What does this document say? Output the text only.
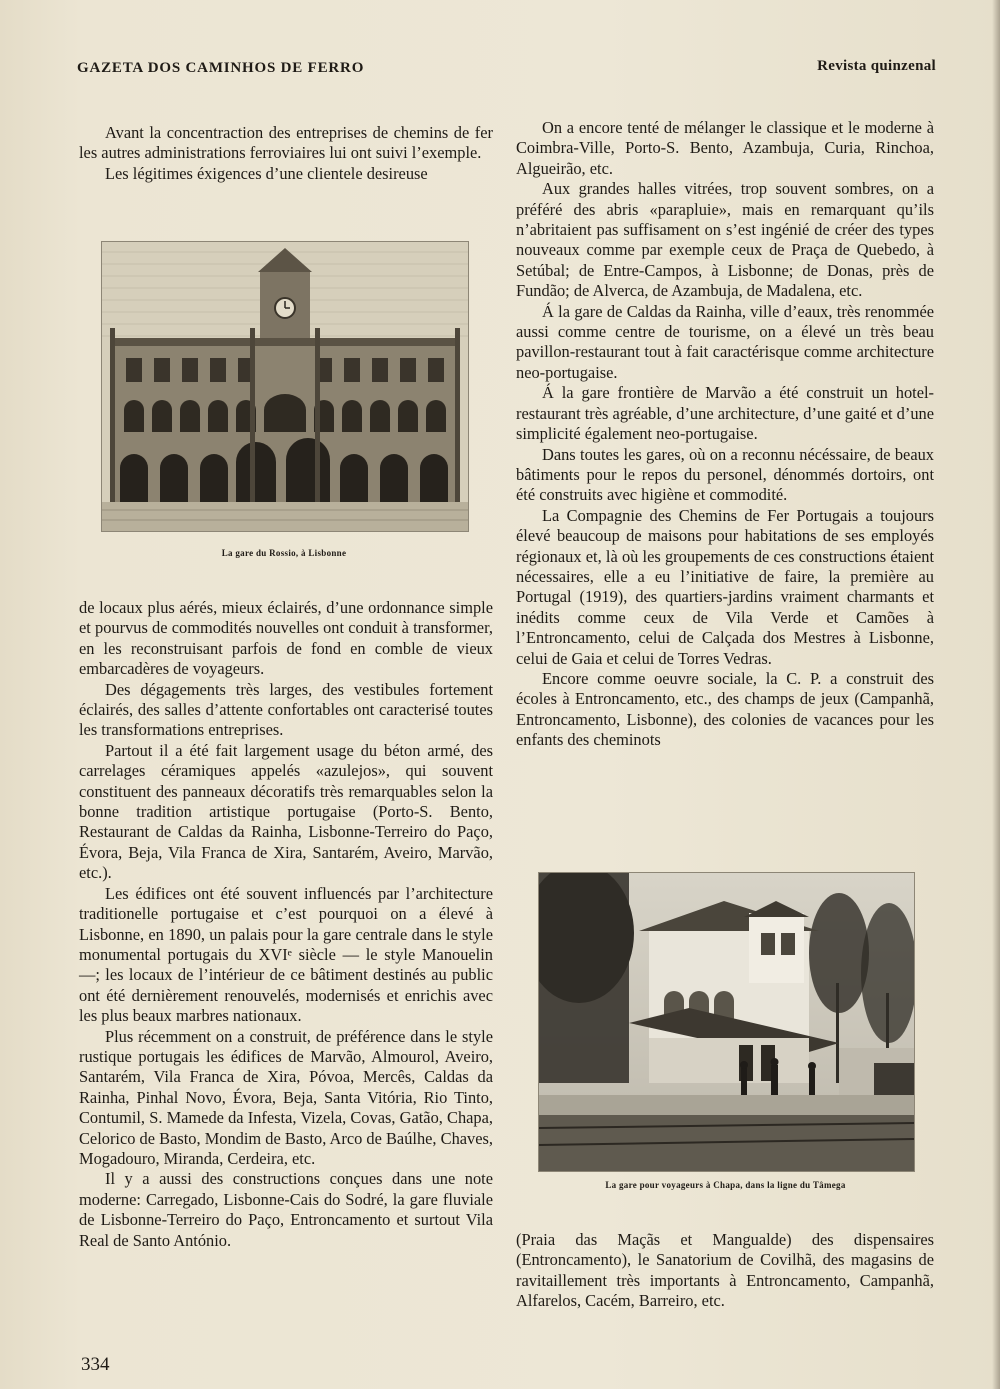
GAZETA DOS CAMINHOS DE FERRO	Revista quinzenal

Avant la concentraction des entreprises de chemins de fer les autres administrations ferroviaires lui ont suivi l’exemple.

Les légitimes éxigences d’une clientele desireuse

La gare du Rossio, à Lisbonne

de locaux plus aérés, mieux éclairés, d’une ordonnance simple et pourvus de commodités nouvelles ont conduit à transformer, en les reconstruisant parfois de fond en comble de vieux embarcadères de voyageurs.

Des dégagements très larges, des vestibules fortement éclairés, des salles d’attente confortables ont caracterisé toutes les transformations entreprises.

Partout il a été fait largement usage du béton armé, des carrelages céramiques appelés «azulejos», qui souvent constituent des panneaux décoratifs très remarquables selon la bonne tradition artistique portugaise (Porto-S. Bento, Restaurant de Caldas da Rainha, Lisbonne-Terreiro do Paço, Évora, Beja, Vila Franca de Xira, Santarém, Aveiro, Marvão, etc.).

Les édifices ont été souvent influencés par l’architecture traditionelle portugaise et c’est pourquoi on a élevé à Lisbonne, en 1890, un palais pour la gare centrale dans le style monumental portugais du XVIᵉ siècle — le style Manouelin —; les locaux de l’intérieur de ce bâtiment destinés au public ont été dernièrement renouvelés, modernisés et enrichis avec les plus beaux marbres nationaux.

Plus récemment on a construit, de préférence dans le style rustique portugais les édifices de Marvão, Almourol, Aveiro, Santarém, Vila Franca de Xira, Póvoa, Mercês, Caldas da Rainha, Pinhal Novo, Évora, Beja, Santa Vitória, Rio Tinto, Contumil, S. Mamede da Infesta, Vizela, Covas, Gatão, Chapa, Celorico de Basto, Mondim de Basto, Arco de Baúlhe, Chaves, Mogadouro, Miranda, Cerdeira, etc.

Il y a aussi des constructions conçues dans une note moderne: Carregado, Lisbonne-Cais do Sodré, la gare fluviale de Lisbonne-Terreiro do Paço, Entroncamento et surtout Vila Real de Santo António.

On a encore tenté de mélanger le classique et le moderne à Coimbra-Ville, Porto-S. Bento, Azambuja, Curia, Rinchoa, Algueirão, etc.

Aux grandes halles vitrées, trop souvent sombres, on a préféré des abris «parapluie», mais en remarquant qu’ils n’abritaient pas suffisament on s’est ingénié de créer des types nouveaux comme par exemple ceux de Praça de Quebedo, à Setúbal; de Entre-Campos, à Lisbonne; de Donas, près de Fundão; de Alverca, de Azambuja, de Madalena, etc.

Á la gare de Caldas da Rainha, ville d’eaux, très renommée aussi comme centre de tourisme, on a élevé un très beau pavillon-restaurant tout à fait caractérisque comme architecture neo-portugaise.

Á la gare frontière de Marvão a été construit un hotel-restaurant très agréable, d’une architecture, d’une gaité et d’une simplicité également neo-portugaise.

Dans toutes les gares, où on a reconnu nécéssaire, de beaux bâtiments pour le repos du personel, dénommés dortoirs, ont été construits avec higiène et commodité.

La Compagnie des Chemins de Fer Portugais a toujours élevé beaucoup de maisons pour habitations de ses employés régionaux et, là où les groupements de ces constructions étaient nécessaires, elle a eu l’initiative de faire, la première au Portugal (1919), des quartiers-jardins vraiment charmants et inédits comme ceux de Vila Verde et Camões à l’Entroncamento, celui de Calçada dos Mestres à Lisbonne, celui de Gaia et celui de Torres Vedras.

Encore comme oeuvre sociale, la C. P. a construit des écoles à Entroncamento, etc., des champs de jeux (Campanhã, Entroncamento, Lisbonne), des colonies de vacances pour les enfants des cheminots

La gare pour voyageurs à Chapa, dans la ligne du Tâmega

(Praia das Maçãs et Mangualde) des dispensaires (Entroncamento), le Sanatorium de Covilhã, des magasins de ravitaillement très importants à Entroncamento, Campanhã, Alfarelos, Cacém, Barreiro, etc.

334
